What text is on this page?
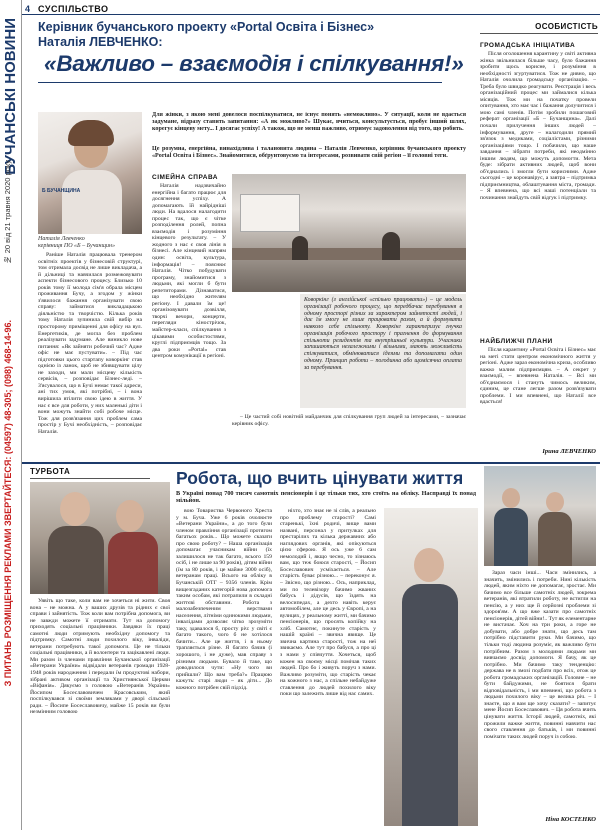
БУЧАНСЬКІ НОВИНИ
№ 20 від 21 травня 2020 року
З ПИТАНЬ РОЗМІЩЕННЯ РЕКЛАМИ ЗВЕРТАЙТЕСЯ: (04597) 48-305; (098) 468-14-96.
4 СУСПІЛЬСТВО
Керівник бучанського проекту «Portal Освіта і Бізнес»
Наталія ЛЕВЧЕНКО:
ОСОБИСТІСТЬ
«Важливо – взаємодія і спілкування!»
Б БУЧАНЩИНА
Наталія Левченко
керівниця ПО «Б – Бучанщин»
Для жінки, з якою мені довелося поспілкуватися, не існує понять «неможливо». У ситуації, коли не вдається задумане, відразу ставить запитання: «А як можливо?» Шукає, вчиться, консультується, пробує інший шлях, корегує кінцеву мету... І досягає успіху! А також, що не менш важливо, отримує задоволення від того, що робить.
Це розумна, енергійна, винахідлива і талановита людина – Наталія Левченко, керівник бучанського проекту «Portal Освіта і Бізнес». Знайомитися, обґрунтовуємо та інтересами, розвивати свій регіон – її головні теги.

Раніше Наталія працювала тренером освітніх проектів у бізнесовій структурі, том отримала досвід не лише викладача, а й дільниці та навчилася розмежовувати аспекти бізнесового процесу. Близько 10 років тому її молода сім'я обрала місцем проживання Бучу, а згодом у жінки з'явилося бажання організувати свою справу: займатися викладацькою діяльністю та творчістю. Кілька років тому Наталія зупинила свій вибір на просторому приміщенні для офісу на вул. Енергетиків, де могла без проблем реалізувати задумане. Але виникло нове питання: «Як зайняти робочий час? Адже офіс не має пустувати». – Під час підготовки цього стартапу коворкінг став однією із ланок, щоб не збивщувати цілу не заходи, ми мали місцеву кількість сервісів, – розповідає Бізнес-леді. – З'ясувалося, що в Бучі немає такої адреси, ані тих умов, які потрібні, – і вона вирішила втілити свою ідею в життя. У нас є все для роботи, у них маленькі діти і вони можуть знайти собі робоче місце. Тож для розв'язання цих проблем сама простір у Бучі необхідність, – розповідає Наталія.

СІМЕЙНА СПРАВА

Наталія надзвичайно енергійна і багато працює для досягнення успіху. А допомагають їй найрідніші люди. На вдалося налагодити процес так, що є чітке розподілення ролей, попна взаємодія і розуміння кінцевого результату. – У жодного з нас є своя лінія в бізнесі. Але кінцевий напрям один: освіта, культура, інформація! – пояснює Наталія. Чітко побудувати програму, знайомитися з людьми, які могли б бути репетиторами. Дізнаватися, що необхідно жителям регіону. І давали їм це! організовувати дозвілля, творчі вечори, концерти, перегляди кінострічок, майстер-класи, спілкування з цікавими особистостями, круглі підприємців тощо. За два роки «Portal» став центром комунікації в регіоні.

Коворкінг (з англійської «спільно працювати») – це модель організації робочого процесу, що передбачає перебування в одному просторі різних за характером зайнятості людей, і дає їм змогу не лише працювати разом, а й формувати навколо себе спільноту. Коворкінг характеризує гнучка організація робочого простору і прагнення до формування спільноти резидентів та внутрішньої культури. Учасники запишаються незалежними і вільними, мають можливість спілкуватися, обмінюватися ідеями та допомагати один одному. Принцип роботи – погодинна або щомісячна оплата за перебування.

– Це частий собі новітній майданчик для спілкування груп людей за інтересами, – зазначає керівник офісу.

ГРОМАДСЬКА ІНІЦІАТИВА

Після оголошення карантину у світі активна жінка звільнилася більше часу, було бажання зробити щось корисне, і розуміння в необхідності згуртуватися. Тож не дивно, що Наталія очолила громадську організацію. – Треба було швидко реагувати. Реєстрація і весь організаційний процес ми займалися кілька місяців. Тож ми на початку провели опитування, хто має час і бажання долучитися і мою самі членів. Потім зробили пошаговий реферат організації «Б – Бучанщина». Далі почали прилучення інших людей – інформування, друге – налагодили прямий зв'язок з медиками, соціалістами, різними організаціями тощо. І побачили, що наше завдання – зібрати потреби, які неодмінно іншим людям, що можуть допомогти. Мета буде: зібрати активних людей, щоб вони об'єднались і змогли бути корисними. Адже сьогодні – це коронавірус, а завтра – підтримка підприємництва, облаштування міста, громади. – Я впевнена, що всі наші потенціали та починання знайдуть свій відгук і підтримку.

НАЙБЛИЖЧІ ПЛАНИ

Після карантину «Portal Освіта і Бізнес» має на меті стати центром економічного життя у регіоні. Адже зараз економічна криза, особливо важко малим підприємцям. – А секрет у взаємодії, – впевнена Наталія. – Всі ми об'єднаємося і стануть чимось великим, єдиним, це стане легше разом розв'язувати проблеми. І ми впевнені, що Наталії все вдасться!

Ірина ЛЕВЧЕНКО
ТУРБОТА	Робота, що вчить цінувати життя
В Україні понад 700 тисяч самотніх пенсіонерів і це тільки тих, хто стоїть на обліку. Насправді їх понад мільйон.

Уявіть що таке, коли вам не хочеться ні жити. Своя вона – не можна. А у ваших друзів та рідних є свої справи і зайнятість. Тож коли вам потрібна допомога, ви не завжди можете її отримати. Тут на допомогу приходять соціальні працівники. Завдяки їх праці самотні люди отримують необхідну допомогу та підтримку. Самотні люди похилого віку, інваліди, ветерани потребують такої допомоги. Це не тільки соціальні працівники, а й волонтери та зацікавлені люди. Ми разом із членами правління Бучанської організації «Ветерани України» відвідали ветеранів громади 1928-1948 років народження і передали їм продуктові набори, зібрані активом організації та Християнської Церкви «Віфанія». Дякуємо з головою «Ветеранів України» Йосипом Босеславовичем Красовським, який поспілкувався зі своїми земляками у дворі сільської ради. – Йосипе Босеславовичу, майже 15 років ви були незмінним головою

вою Товариства Червоного Хреста у м. Буча. Уже 6 років очолюєте «Ветерани України», а до того були членом правління організації протягом багатьох років... Що можете сказати про свою роботу? – Наша організація допомагає учасникам війни (їх залишилося не так багато, всього 159 осіб, і не лише за 90 років), дітям війни (їм за 80 років, і це майже 3000 осіб), ветеранам праці. Всього на обліку в Бучанській ОТГ – 9356 членів. Крім вищезгаданих категорій нова допомога таким особам, які потрапили в складні життєві обставини. Робота з малозабезпеченим верствами населення, літніми одинокими людьми, інвалідами дозволяє чітко зрозуміти таку, здавалося б, просту річ: у світі є багато такого, чого б не хотілося бачити... Але це життя, і в ньому трапляється різне. Я багато бачив (і хорошого, і не дуже), мав справу з різними людьми. Бувало й таке, що доводилося чути: «Ну чого ви прийшли? Що вам треба?» Працюю кажуть: старі люди – як діти... До кожного потрібен свій підхід.

ніхто, хто знає не зі слів, а реально про проблему старості? Самі старенькі, їхні родичі, вище вами названі, персонал у притулках для престарілих та кілька державних або наглядових органів, які опікуються цією сферою. Я ось уже 6 сам немолодий і, якщо чесно, то зізнаюсь вам, що теж боюся старості, – Йосип Босеславович усміхається. – Але старість буває різною... – переконує я. – Звісно, що різною... Ось, наприклад, ми по телевізору бачимо жваних бабусь і дідусів, що їздять на велосипедах, а дехто навіть керує автомобілем, але це десь у Європі, а на вулицях, у реальному житті, ми бачимо пенсіонерів, що просять копійку на хліб. Самотнє, покинуте старість у нашій країні – звична явище. Це звична картина старості, тож на неї звикаємо. Але тут про бабуся, а про ці з нами у співчуття. Хочеться, щоб кожен на своєму місці помічав таких людей. Про бо і живуть поруч з нами. Важливо розуміти, що старість чекає на кожного з нас, а спільне небайдуже ставлення до людей похилого віку поки що залежить лише від нас самих.

Зараз часи інші... Часи змінились, а значить, змінились і потреби. Нині кількість людей, яким ніхто не допомагає, зростає. Ми бачимо все більше самотніх людей, зокрема ветеранів, які втратили роботу, не встигли на пенсію, а у них ще й серйозні проблеми зі здоров'ям. А що вже казати про самотніх пенсіонерів, дітей війни!.. Тут як елементарне не вистачає. Хоч на три роки, а горе не добувати, або добре знати, що десь там потрібно підставити руки. Ми бачимо, що тільки тоді людина розуміє, як важливо бути потрібним. Разом з молодими людьми ми вивчаємо досвід допомоги. Я бачу, як це потрібно. Ми бачимо таку тенденцію: держава не в змозі подбати про всіх, отож це робота громадських організацій. Головне – не бути байдужими, не боятися брати відповідальність, і ми впевнені, що робота з людьми похилого віку – це велика річ. – І знаєте, що я вам ще хочу сказати? – запитує мене Йосип Босеславович. – Ця робота вчить цінувати життя. Історії людей, самотніх, які прожили важке життя, повинні навчити нас свого ставлення до батьків, і ми повинні помічати таких людей поруч із собою.

Ніна КОСТЕНКО
